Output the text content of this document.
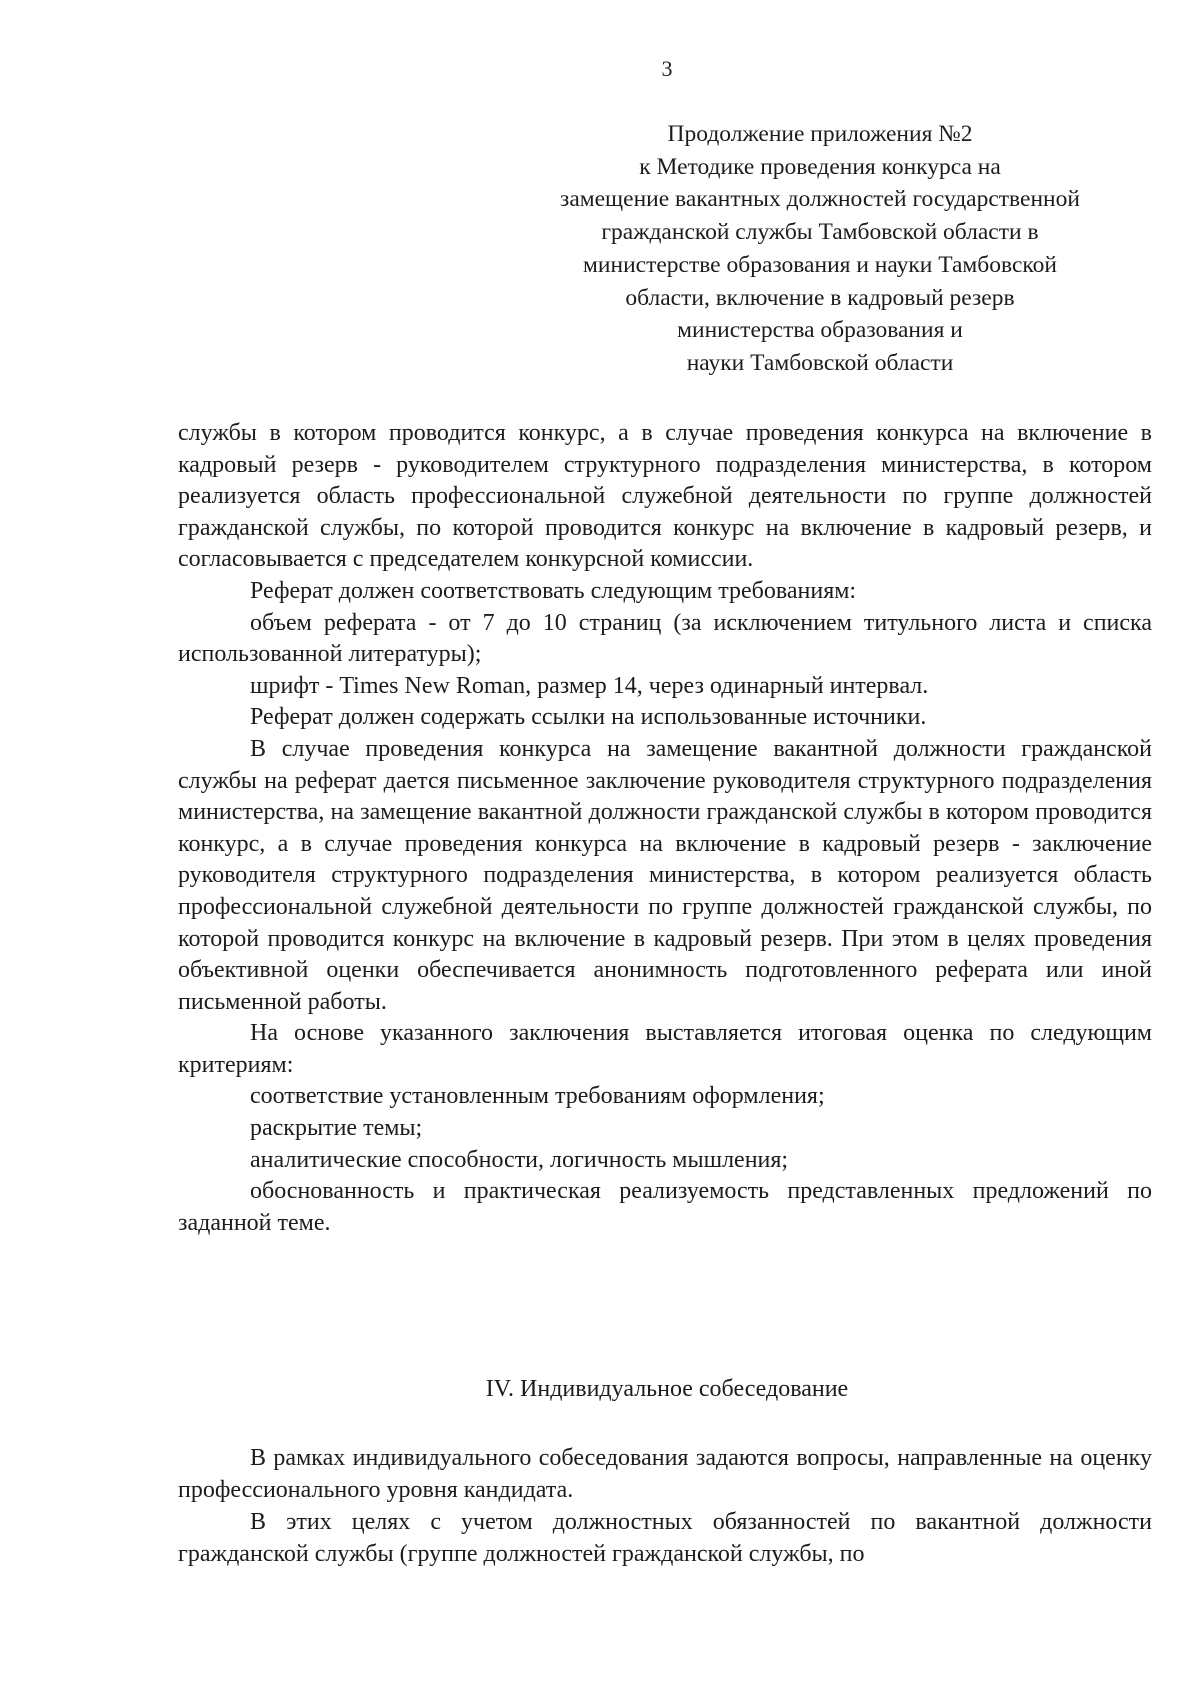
3
Продолжение приложения №2
к Методике проведения конкурса на
замещение вакантных должностей государственной
гражданской службы Тамбовской области в
министерстве образования и науки Тамбовской
области, включение в кадровый резерв
министерства образования и
науки Тамбовской области

службы в котором проводится конкурс, а в случае проведения конкурса на включение в кадровый резерв - руководителем структурного подразделения министерства, в котором реализуется область профессиональной служебной деятельности по группе должностей гражданской службы, по которой проводится конкурс на включение в кадровый резерв, и согласовывается с председателем конкурсной комиссии.

Реферат должен соответствовать следующим требованиям:

объем реферата - от 7 до 10 страниц (за исключением титульного листа и списка использованной литературы);

шрифт - Times New Roman, размер 14, через одинарный интервал.

Реферат должен содержать ссылки на использованные источники.

В случае проведения конкурса на замещение вакантной должности гражданской службы на реферат дается письменное заключение руководителя структурного подразделения министерства, на замещение вакантной должности гражданской службы в котором проводится конкурс, а в случае проведения конкурса на включение в кадровый резерв - заключение руководителя структурного подразделения министерства, в котором реализуется область профессиональной служебной деятельности по группе должностей гражданской службы, по которой проводится конкурс на включение в кадровый резерв. При этом в целях проведения объективной оценки обеспечивается анонимность подготовленного реферата или иной письменной работы.

На основе указанного заключения выставляется итоговая оценка по следующим критериям:

соответствие установленным требованиям оформления;

раскрытие темы;

аналитические способности, логичность мышления;

обоснованность и практическая реализуемость представленных предложений по заданной теме.

IV. Индивидуальное собеседование

В рамках индивидуального собеседования задаются вопросы, направленные на оценку профессионального уровня кандидата.

В этих целях с учетом должностных обязанностей по вакантной должности гражданской службы (группе должностей гражданской службы, по
